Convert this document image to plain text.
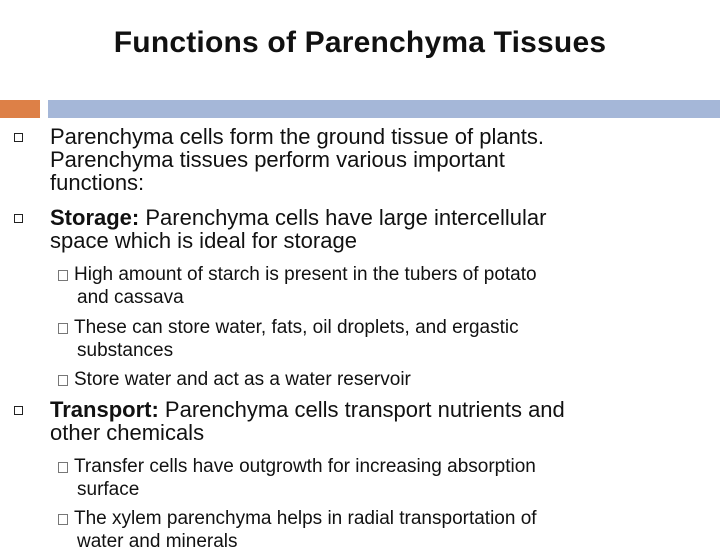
Functions of Parenchyma Tissues
Parenchyma cells form the ground tissue of plants.
Parenchyma tissues perform various important
functions:
Storage: Parenchyma cells have large intercellular
space which is ideal for storage
High amount of starch is present in the tubers of potato
and cassava
These can store water, fats, oil droplets, and ergastic
substances
Store water and act as a water reservoir
Transport: Parenchyma cells transport nutrients and
other chemicals
Transfer cells have outgrowth for increasing absorption
surface
The xylem parenchyma helps in radial transportation of
water and minerals
